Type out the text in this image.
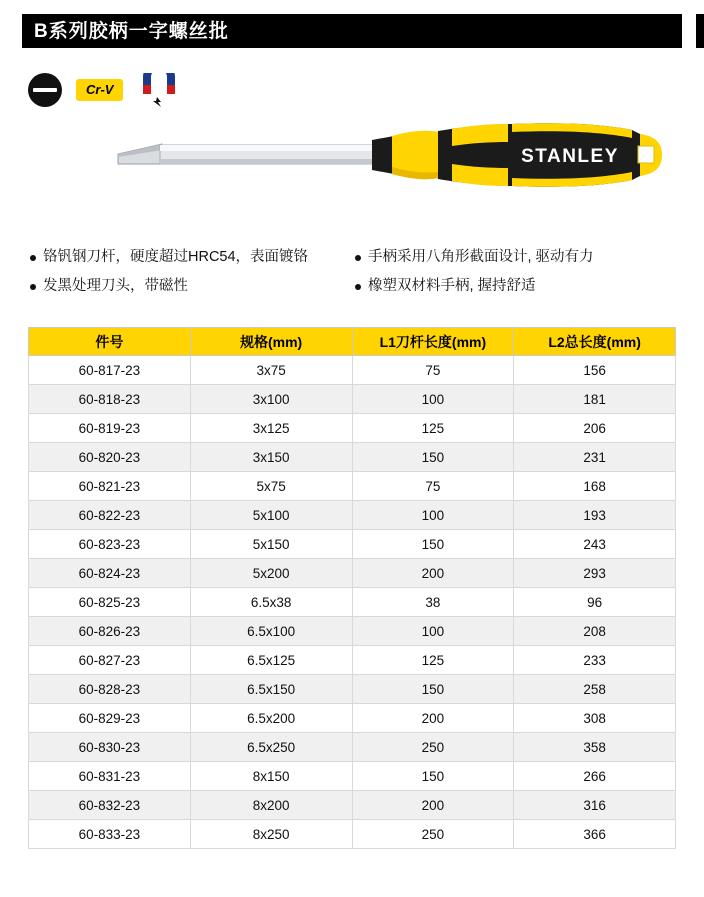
B系列胶柄一字螺丝批
Cr-V
STANLEY
铬钒钢刀杆，硬度超过HRC54，表面镀铬
发黑处理刀头，带磁性
手柄采用八角形截面设计, 驱动有力
橡塑双材料手柄, 握持舒适
件号	规格(mm)	L1刀杆长度(mm)	L2总长度(mm)
60-817-23	3x75	75	156
60-818-23	3x100	100	181
60-819-23	3x125	125	206
60-820-23	3x150	150	231
60-821-23	5x75	75	168
60-822-23	5x100	100	193
60-823-23	5x150	150	243
60-824-23	5x200	200	293
60-825-23	6.5x38	38	96
60-826-23	6.5x100	100	208
60-827-23	6.5x125	125	233
60-828-23	6.5x150	150	258
60-829-23	6.5x200	200	308
60-830-23	6.5x250	250	358
60-831-23	8x150	150	266
60-832-23	8x200	200	316
60-833-23	8x250	250	366
